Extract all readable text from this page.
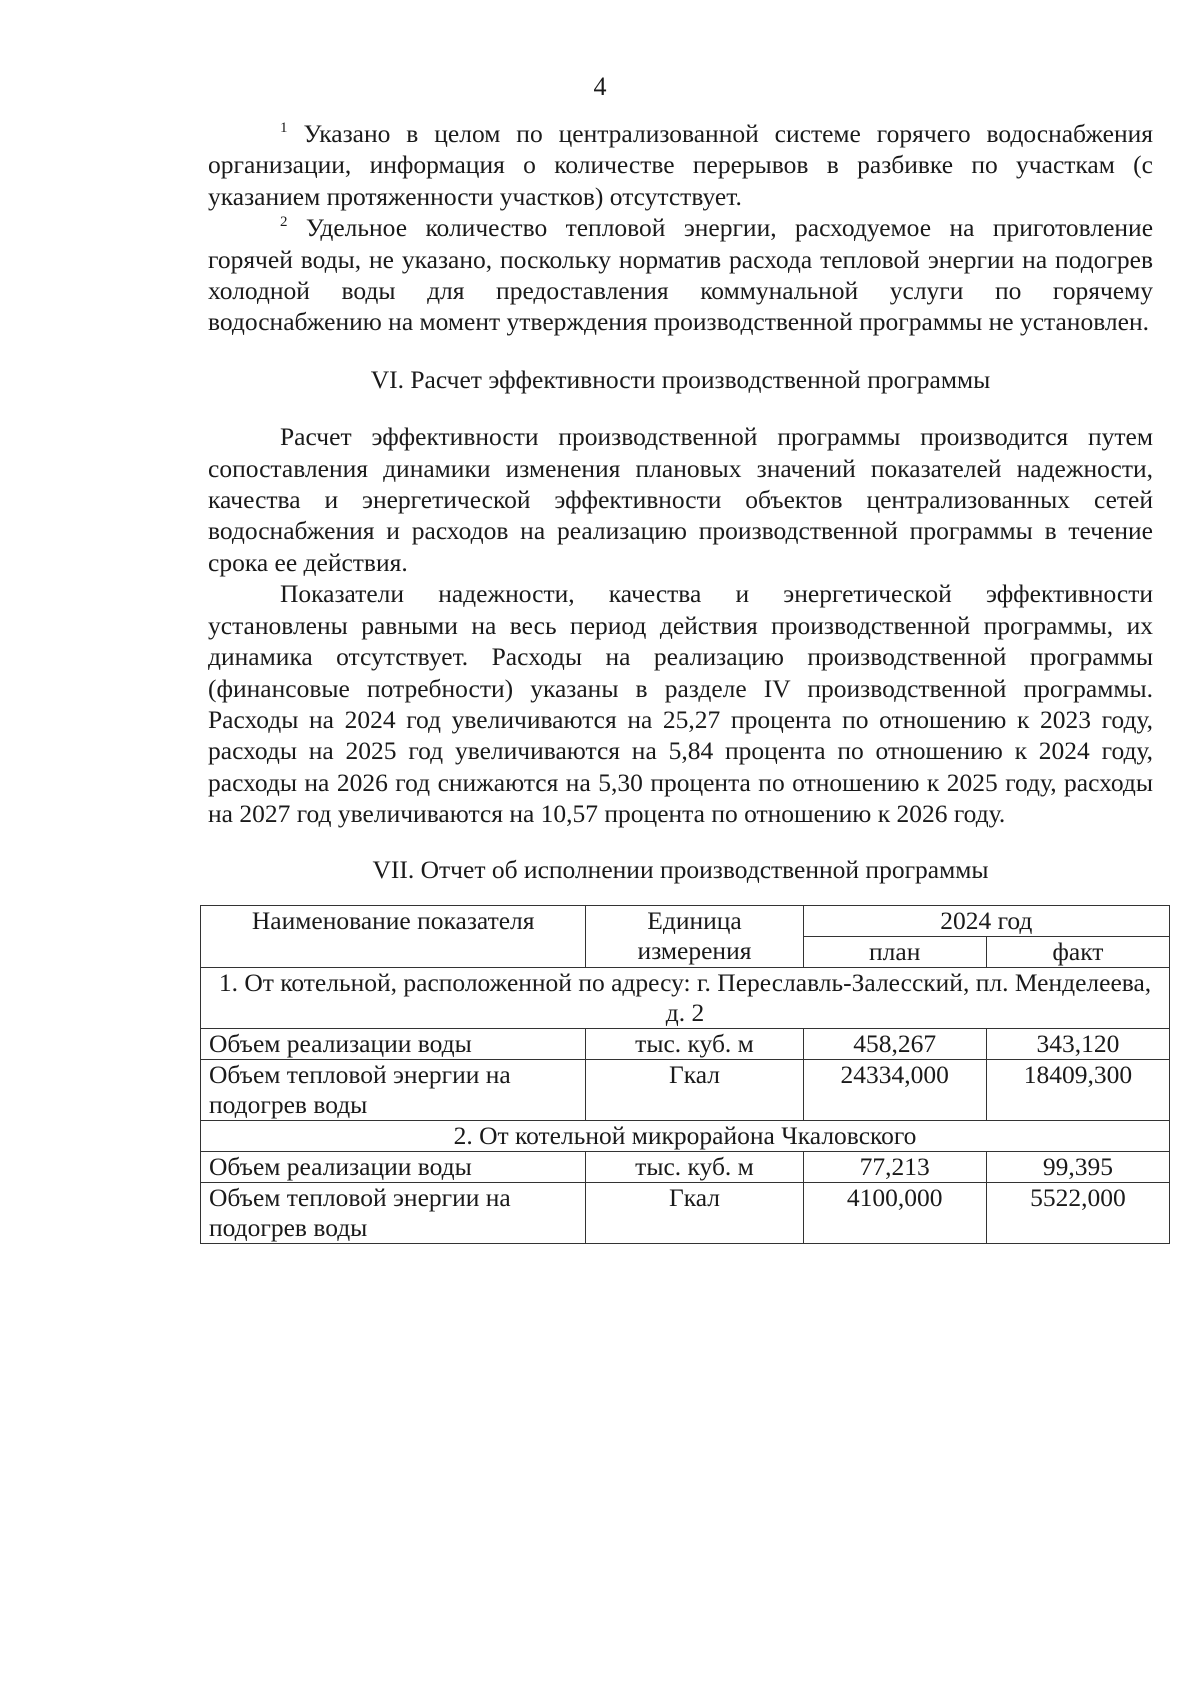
4

$^1$ Указано в целом по централизованной системе горячего водоснабжения организации, информация о количестве перерывов в разбивке по участкам (с указанием протяженности участков) отсутствует.

$^2$ Удельное количество тепловой энергии, расходуемое на приготовление горячей воды, не указано, поскольку норматив расхода тепловой энергии на подогрев холодной воды для предоставления коммунальной услуги по горячему водоснабжению на момент утверждения производственной программы не установлен.

VI. Расчет эффективности производственной программы

Расчет эффективности производственной программы производится путем сопоставления динамики изменения плановых значений показателей надежности, качества и энергетической эффективности объектов централизованных сетей водоснабжения и расходов на реализацию производственной программы в течение срока ее действия.

Показатели надежности, качества и энергетической эффективности установлены равными на весь период действия производственной программы, их динамика отсутствует. Расходы на реализацию производственной программы (финансовые потребности) указаны в разделе IV производственной программы. Расходы на 2024 год увеличиваются на 25,27 процента по отношению к 2023 году, расходы на 2025 год увеличиваются на 5,84 процента по отношению к 2024 году, расходы на 2026 год снижаются на 5,30 процента по отношению к 2025 году, расходы на 2027 год увеличиваются на 10,57 процента по отношению к 2026 году.

VII. Отчет об исполнении производственной программы
Наименование показателя	Единица измерения	2024 год	
		план	факт
1. От котельной, расположенной по адресу: г. Переславль-Залесский, пл. Менделеева, д. 2			
Объем реализации воды	тыс. куб. м	458,267	343,120
Объем тепловой энергии на подогрев воды	Гкал	24334,000	18409,300
2. От котельной микрорайона Чкаловского			
Объем реализации воды	тыс. куб. м	77,213	99,395
Объем тепловой энергии на подогрев воды	Гкал	4100,000	5522,000
